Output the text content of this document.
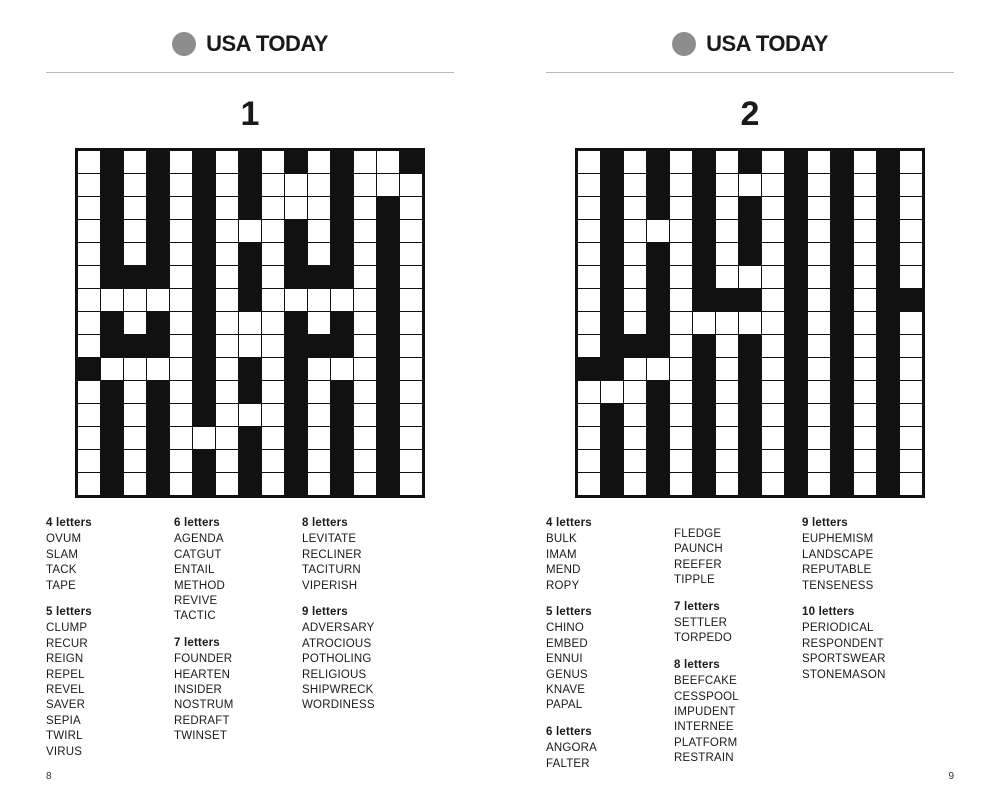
USA TODAY
1
4 letters
OVUM
SLAM
TACK
TAPE
5 letters
CLUMP
RECUR
REIGN
REPEL
REVEL
SAVER
SEPIA
TWIRL
VIRUS
6 letters
AGENDA
CATGUT
ENTAIL
METHOD
REVIVE
TACTIC
7 letters
FOUNDER
HEARTEN
INSIDER
NOSTRUM
REDRAFT
TWINSET
8 letters
LEVITATE
RECLINER
TACITURN
VIPERISH
9 letters
ADVERSARY
ATROCIOUS
POTHOLING
RELIGIOUS
SHIPWRECK
WORDINESS
8
USA TODAY
2
4 letters
BULK
IMAM
MEND
ROPY
5 letters
CHINO
EMBED
ENNUI
GENUS
KNAVE
PAPAL
6 letters
ANGORA
FALTER
FLEDGE
PAUNCH
REEFER
TIPPLE
7 letters
SETTLER
TORPEDO
8 letters
BEEFCAKE
CESSPOOL
IMPUDENT
INTERNEE
PLATFORM
RESTRAIN
9 letters
EUPHEMISM
LANDSCAPE
REPUTABLE
TENSENESS
10 letters
PERIODICAL
RESPONDENT
SPORTSWEAR
STONEMASON
9
